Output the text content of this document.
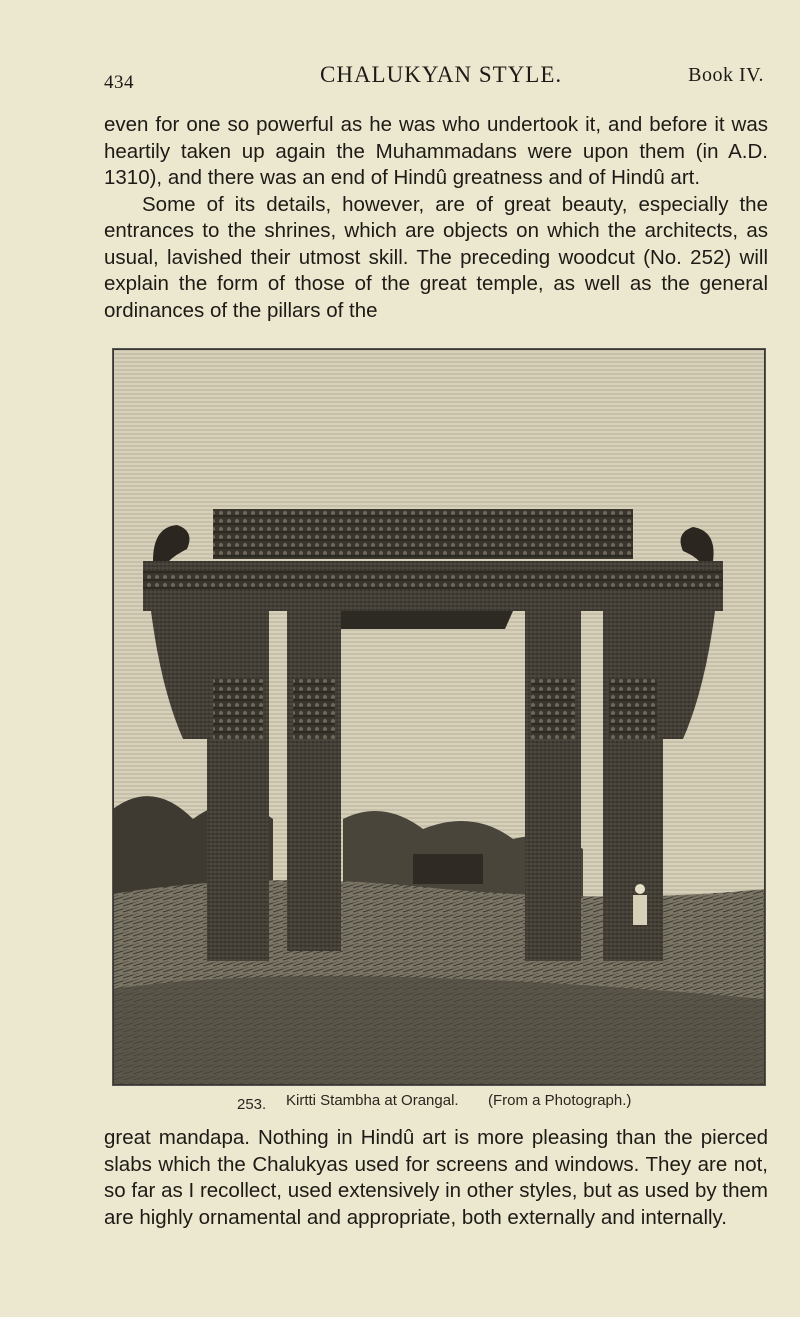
434	CHALUKYAN STYLE.	Book IV.

even for one so powerful as he was who undertook it, and before it was heartily taken up again the Muhammadans were upon them (in A.D. 1310), and there was an end of Hindû greatness and of Hindû art.

Some of its details, however, are of great beauty, especially the entrances to the shrines, which are objects on which the architects, as usual, lavished their utmost skill. The preceding woodcut (No. 252) will explain the form of those of the great temple, as well as the general ordinances of the pillars of the

253. Kirtti Stambha at Orangal. (From a Photograph.)

great mandapa. Nothing in Hindû art is more pleasing than the pierced slabs which the Chalukyas used for screens and windows. They are not, so far as I recollect, used extensively in other styles, but as used by them are highly ornamental and appropriate, both externally and internally.
